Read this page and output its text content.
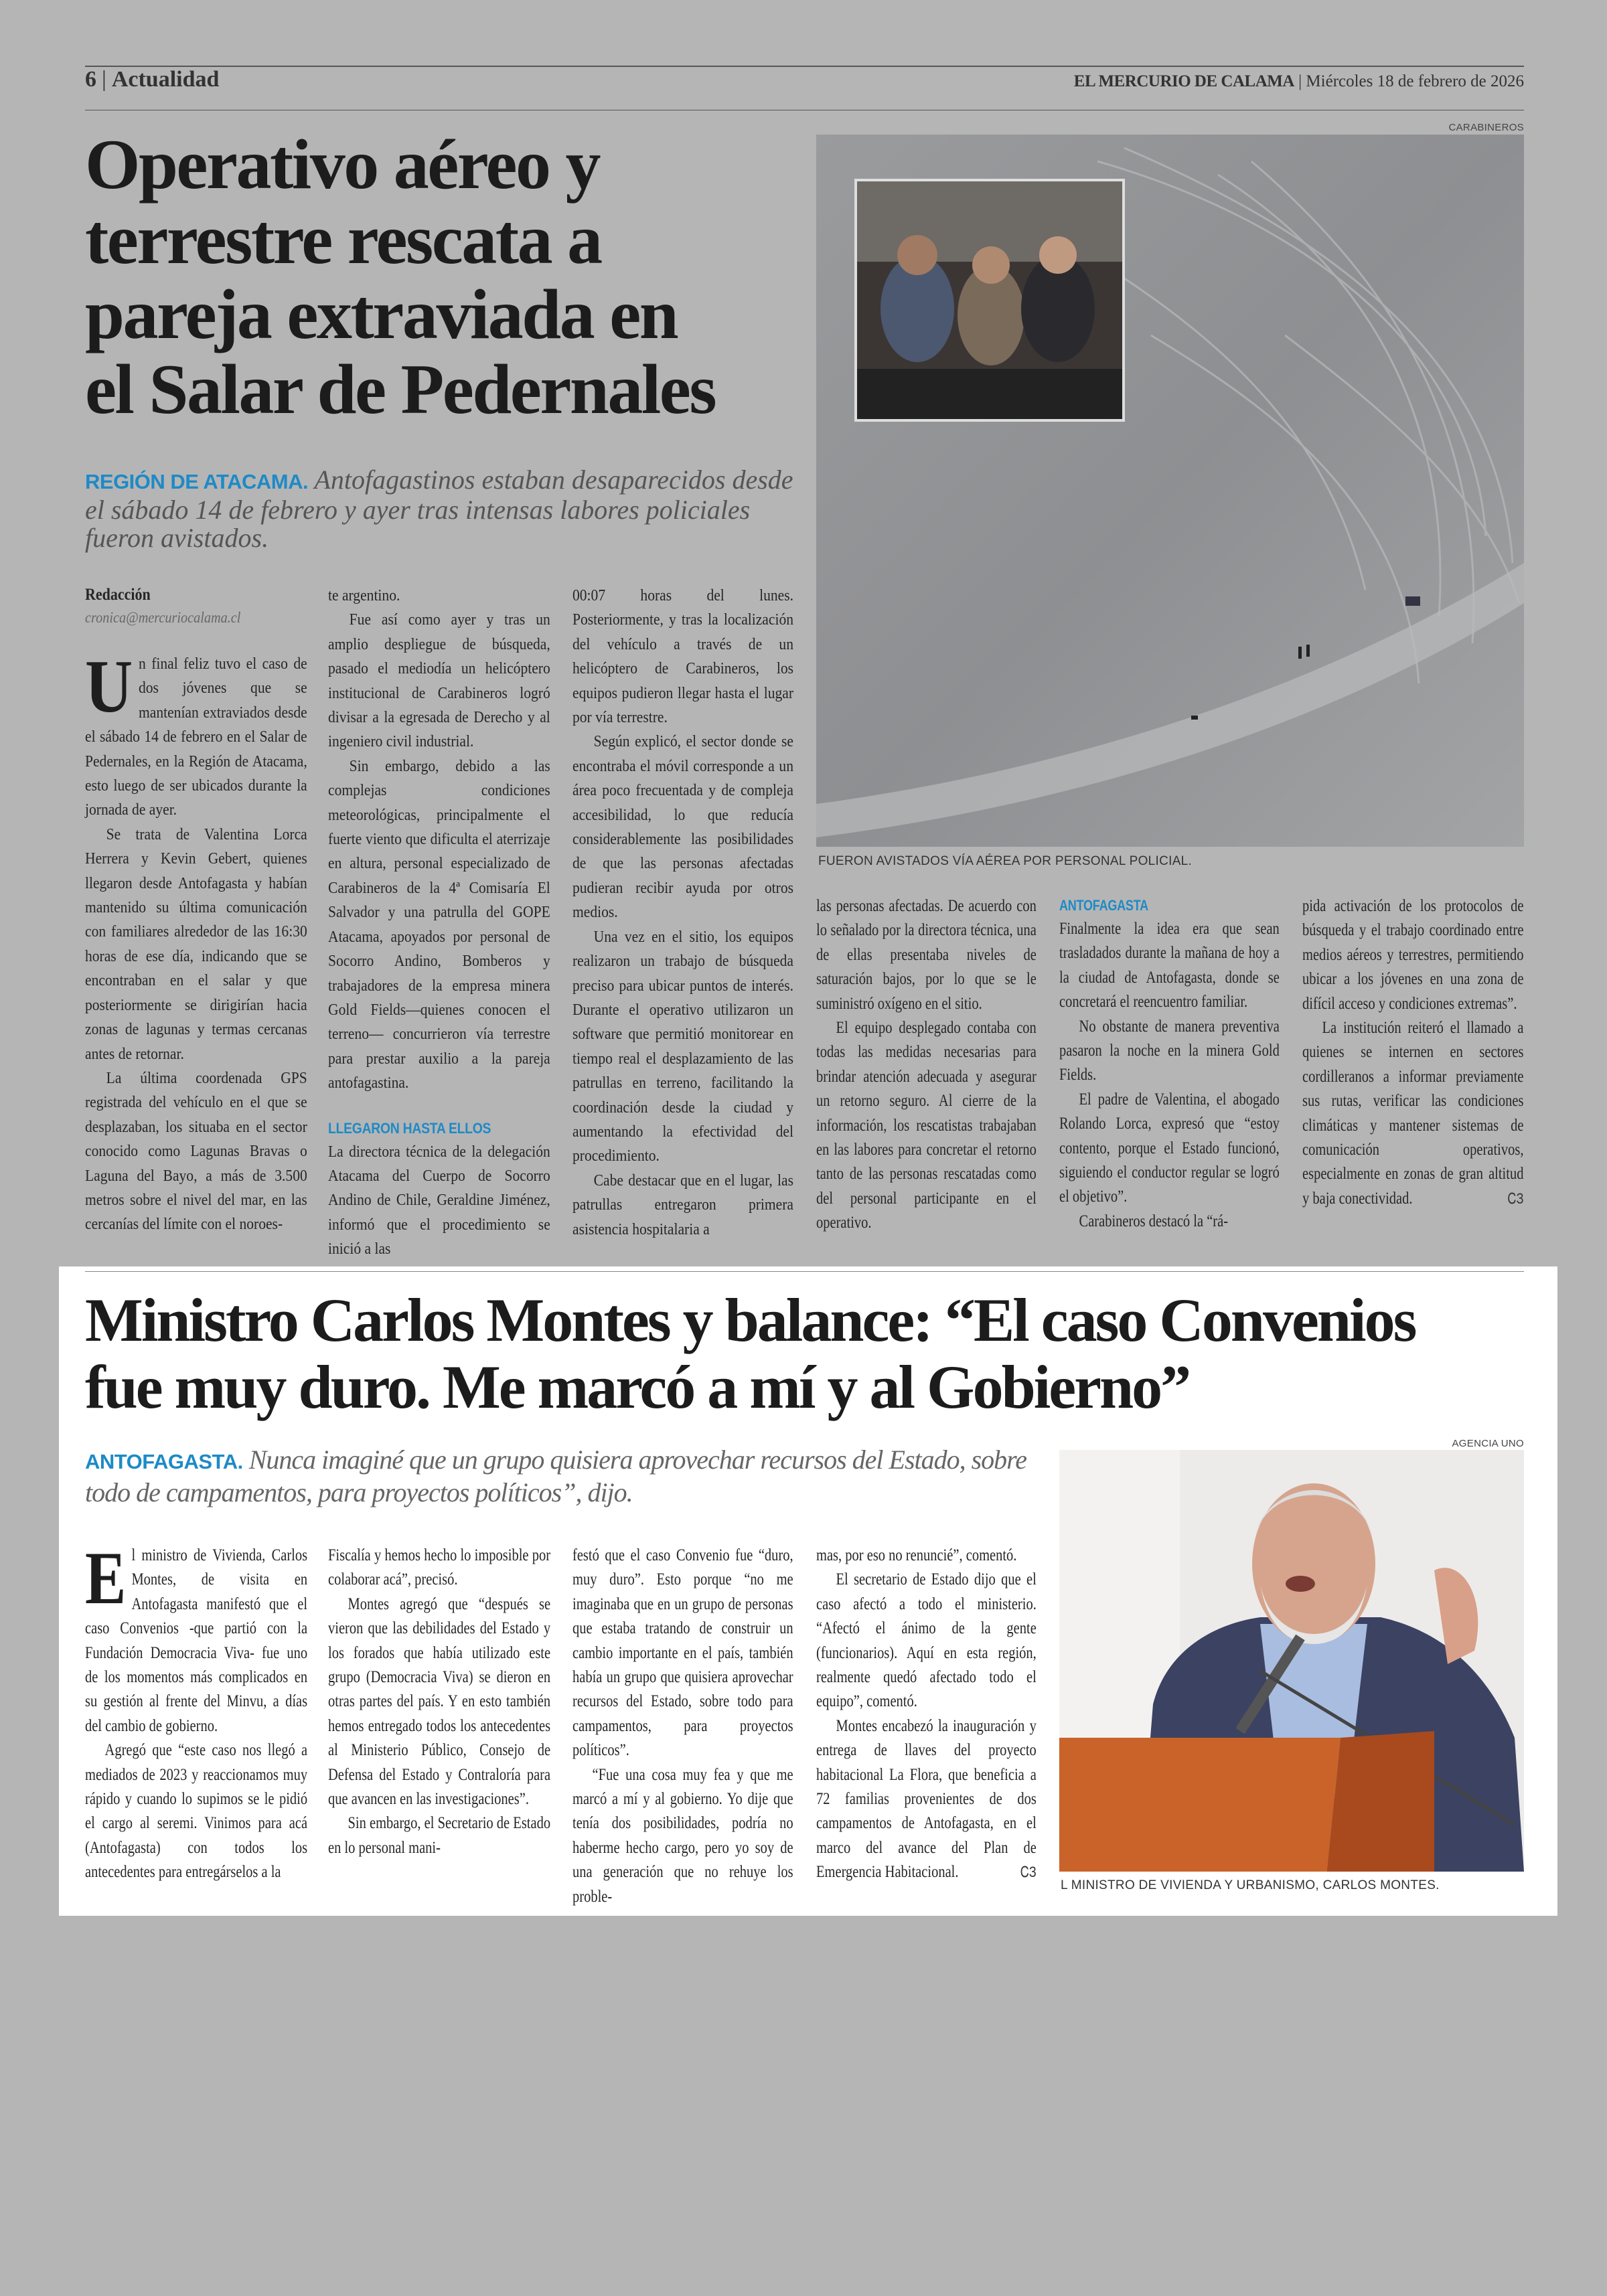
6 | Actualidad	EL MERCURIO DE CALAMA | Miércoles 18 de febrero de 2026
Operativo aéreo y
terrestre rescata a
pareja extraviada en
el Salar de Pedernales
REGIÓN DE ATACAMA. Antofagastinos estaban desaparecidos desde el sábado 14 de febrero y ayer tras intensas labores policiales fueron avistados.
CARABINEROS
FUERON AVISTADOS VÍA AÉREA POR PERSONAL POLICIAL.
Redacción
cronica@mercuriocalama.cl

Un final feliz tuvo el caso de dos jóvenes que se mantenían extraviados desde el sábado 14 de febrero en el Salar de Pedernales, en la Región de Atacama, esto luego de ser ubicados durante la jornada de ayer.

Se trata de Valentina Lorca Herrera y Kevin Gebert, quienes llegaron desde Antofagasta y habían mantenido su última comunicación con familiares alrededor de las 16:30 horas de ese día, indicando que se encontraban en el salar y que posteriormente se dirigirían hacia zonas de lagunas y termas cercanas antes de retornar.

La última coordenada GPS registrada del vehículo en el que se desplazaban, los situaba en el sector conocido como Lagunas Bravas o Laguna del Bayo, a más de 3.500 metros sobre el nivel del mar, en las cercanías del límite con el noroes-

te argentino.

Fue así como ayer y tras un amplio despliegue de búsqueda, pasado el mediodía un helicóptero institucional de Carabineros logró divisar a la egresada de Derecho y al ingeniero civil industrial.

Sin embargo, debido a las complejas condiciones meteorológicas, principalmente el fuerte viento que dificulta el aterrizaje en altura, personal especializado de Carabineros de la 4ª Comisaría El Salvador y una patrulla del GOPE Atacama, apoyados por personal de Socorro Andino, Bomberos y trabajadores de la empresa minera Gold Fields—quienes conocen el terreno— concurrieron vía terrestre para prestar auxilio a la pareja antofagastina.

LLEGARON HASTA ELLOS

La directora técnica de la delegación Atacama del Cuerpo de Socorro Andino de Chile, Geraldine Jiménez, informó que el procedimiento se inició a las

00:07 horas del lunes. Posteriormente, y tras la localización del vehículo a través de un helicóptero de Carabineros, los equipos pudieron llegar hasta el lugar por vía terrestre.

Según explicó, el sector donde se encontraba el móvil corresponde a un área poco frecuentada y de compleja accesibilidad, lo que reducía considerablemente las posibilidades de que las personas afectadas pudieran recibir ayuda por otros medios.

Una vez en el sitio, los equipos realizaron un trabajo de búsqueda preciso para ubicar puntos de interés. Durante el operativo utilizaron un software que permitió monitorear en tiempo real el desplazamiento de las patrullas en terreno, facilitando la coordinación desde la ciudad y aumentando la efectividad del procedimiento.

Cabe destacar que en el lugar, las patrullas entregaron primera asistencia hospitalaria a

las personas afectadas. De acuerdo con lo señalado por la directora técnica, una de ellas presentaba niveles de saturación bajos, por lo que se le suministró oxígeno en el sitio.

El equipo desplegado contaba con todas las medidas necesarias para brindar atención adecuada y asegurar un retorno seguro. Al cierre de la información, los rescatistas trabajaban en las labores para concretar el retorno tanto de las personas rescatadas como del personal participante en el operativo.

ANTOFAGASTA

Finalmente la idea era que sean trasladados durante la mañana de hoy a la ciudad de Antofagasta, donde se concretará el reencuentro familiar.

No obstante de manera preventiva pasaron la noche en la minera Gold Fields.

El padre de Valentina, el abogado Rolando Lorca, expresó que “estoy contento, porque el Estado funcionó, siguiendo el conductor regular se logró el objetivo”.

Carabineros destacó la “rá-

pida activación de los protocolos de búsqueda y el trabajo coordinado entre medios aéreos y terrestres, permitiendo ubicar a los jóvenes en una zona de difícil acceso y condiciones extremas”.

La institución reiteró el llamado a quienes se internen en sectores cordilleranos a informar previamente sus rutas, verificar las condiciones climáticas y mantener sistemas de comunicación operativos, especialmente en zonas de gran altitud y baja conectividad.	ᏟЗ

Ministro Carlos Montes y balance: “El caso Convenios
fue muy duro. Me marcó a mí y al Gobierno”
ANTOFAGASTA. Nunca imaginé que un grupo quisiera aprovechar recursos del Estado, sobre todo de campamentos, para proyectos políticos”, dijo.
AGENCIA UNO
L MINISTRO DE VIVIENDA Y URBANISMO, CARLOS MONTES.

El ministro de Vivienda, Carlos Montes, de visita en Antofagasta manifestó que el caso Convenios -que partió con la Fundación Democracia Viva- fue uno de los momentos más complicados en su gestión al frente del Minvu, a días del cambio de gobierno.

Agregó que “este caso nos llegó a mediados de 2023 y reaccionamos muy rápido y cuando lo supimos se le pidió el cargo al seremi. Vinimos para acá (Antofagasta) con todos los antecedentes para entregárselos a la

Fiscalía y hemos hecho lo imposible por colaborar acá”, precisó.

Montes agregó que “después se vieron que las debilidades del Estado y los forados que había utilizado este grupo (Democracia Viva) se dieron en otras partes del país. Y en esto también hemos entregado todos los antecedentes al Ministerio Público, Consejo de Defensa del Estado y Contraloría para que avancen en las investigaciones”.

Sin embargo, el Secretario de Estado en lo personal mani-

festó que el caso Convenio fue “duro, muy duro”. Esto porque “no me imaginaba que en un grupo de personas que estaba tratando de construir un cambio importante en el país, también había un grupo que quisiera aprovechar recursos del Estado, sobre todo para campamentos, para proyectos políticos”.

“Fue una cosa muy fea y que me marcó a mí y al gobierno. Yo dije que tenía dos posibilidades, podría no haberme hecho cargo, pero yo soy de una generación que no rehuye los proble-

mas, por eso no renuncié”, comentó.

El secretario de Estado dijo que el caso afectó a todo el ministerio. “Afectó el ánimo de la gente (funcionarios). Aquí en esta región, realmente quedó afectado todo el equipo”, comentó.

Montes encabezó la inauguración y entrega de llaves del proyecto habitacional La Flora, que beneficia a 72 familias provenientes de dos campamentos de Antofagasta, en el marco del avance del Plan de Emergencia Habitacional.	ᏟЗ
